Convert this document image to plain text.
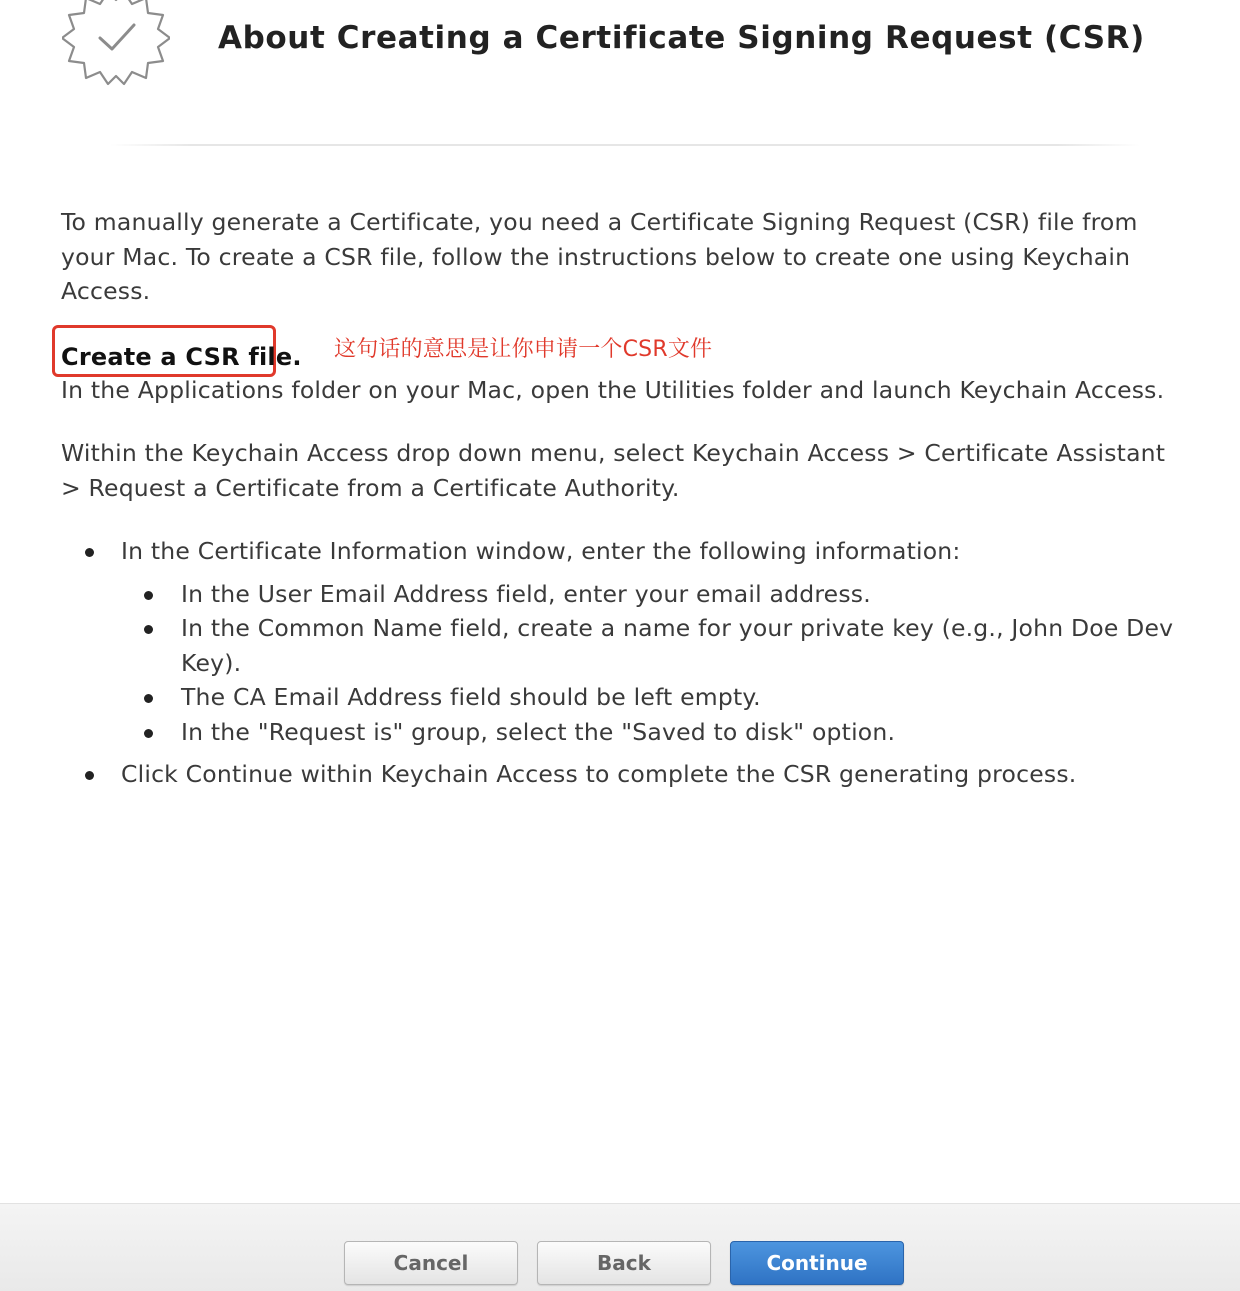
About Creating a Certificate Signing Request (CSR)

To manually generate a Certificate, you need a Certificate Signing Request (CSR) file from your Mac. To create a CSR file, follow the instructions below to create one using Keychain Access.

Create a CSR file. 这句话的意思是让你申请一个CSR文件

In the Applications folder on your Mac, open the Utilities folder and launch Keychain Access.

Within the Keychain Access drop down menu, select Keychain Access > Certificate Assistant > Request a Certificate from a Certificate Authority.

In the Certificate Information window, enter the following information:
In the User Email Address field, enter your email address.
In the Common Name field, create a name for your private key (e.g., John Doe Dev Key).
The CA Email Address field should be left empty.
In the "Request is" group, select the "Saved to disk" option.
Click Continue within Keychain Access to complete the CSR generating process.
Cancel	Back	Continue
